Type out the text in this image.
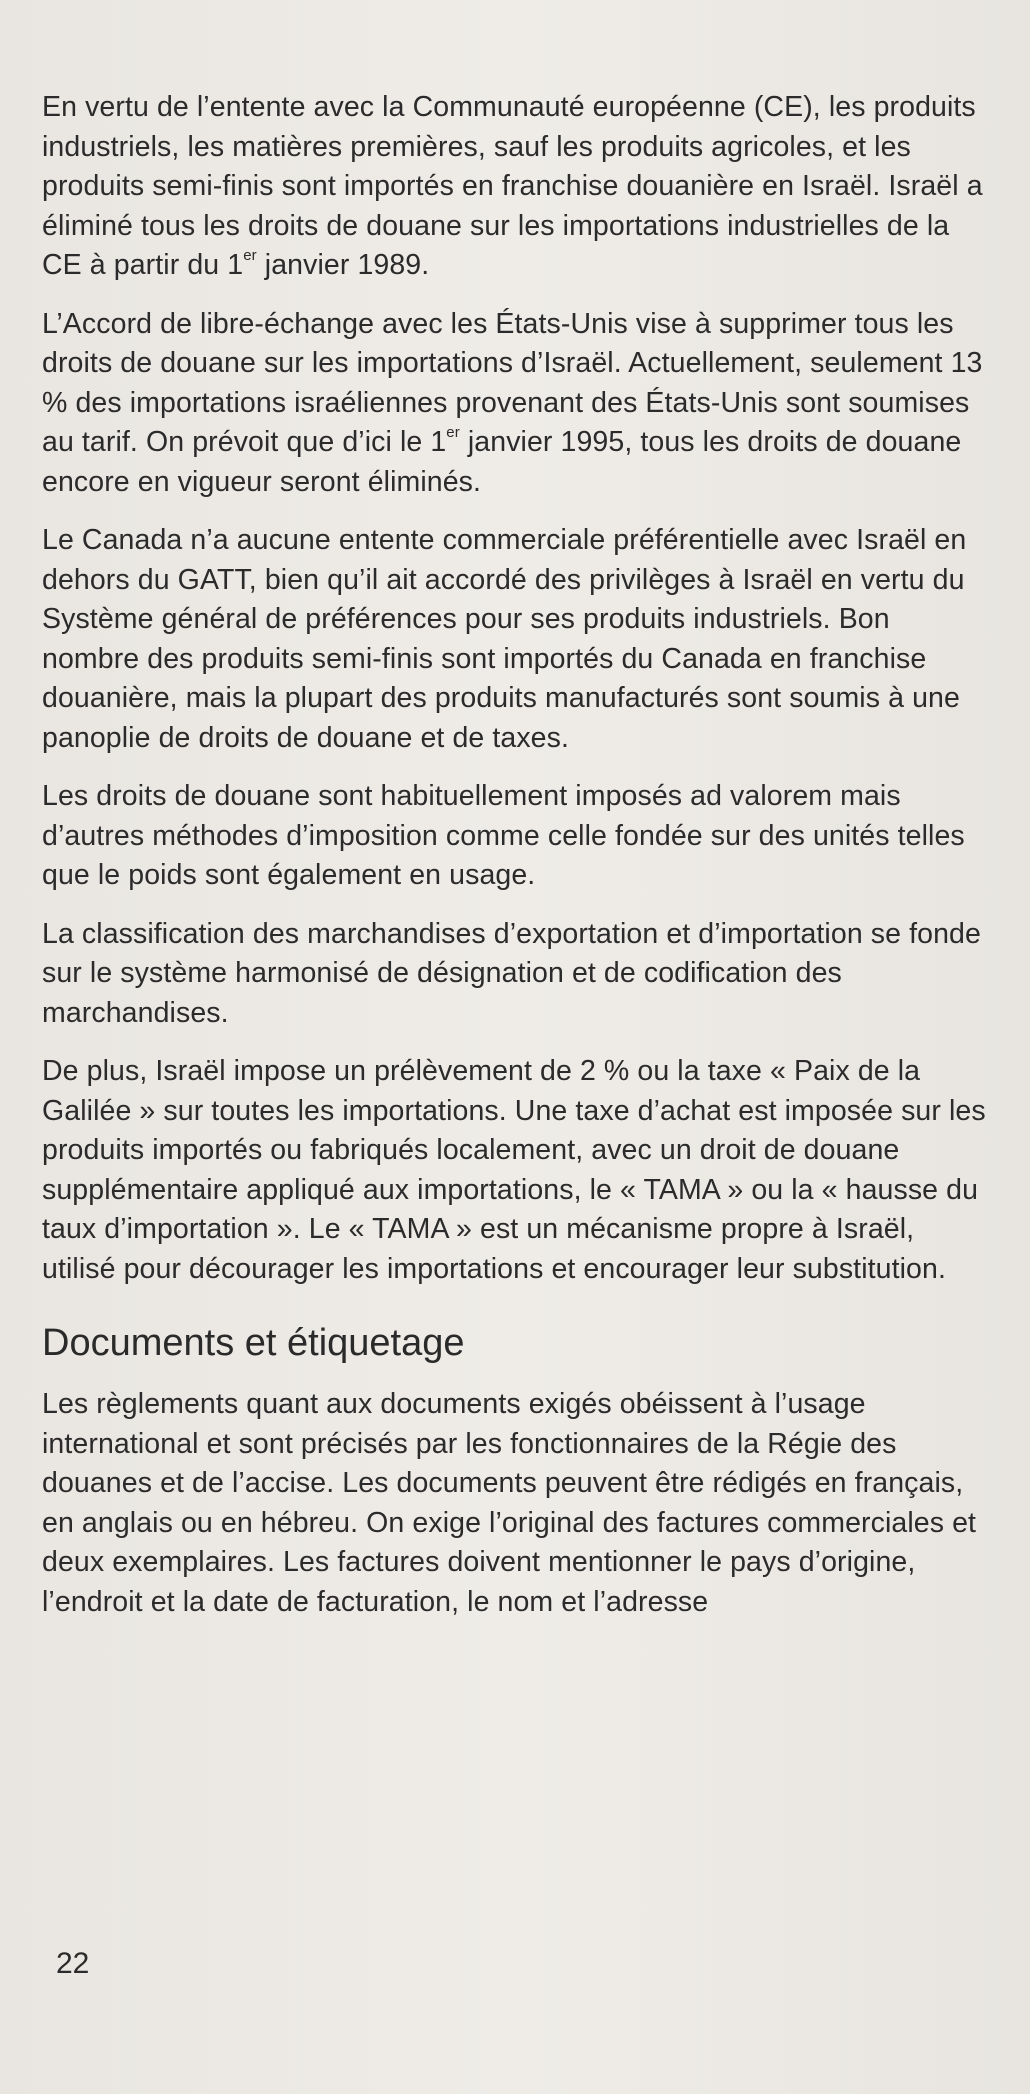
En vertu de l’entente avec la Communauté européenne (CE), les produits industriels, les matières premières, sauf les produits agricoles, et les produits semi-finis sont importés en franchise douanière en Israël. Israël a éliminé tous les droits de douane sur les importations industrielles de la CE à partir du 1er janvier 1989.

L’Accord de libre-échange avec les États-Unis vise à supprimer tous les droits de douane sur les importations d’Israël. Actuellement, seulement 13 % des importations israéliennes provenant des États-Unis sont soumises au tarif. On prévoit que d’ici le 1er janvier 1995, tous les droits de douane encore en vigueur seront éliminés.

Le Canada n’a aucune entente commerciale préférentielle avec Israël en dehors du GATT, bien qu’il ait accordé des privilèges à Israël en vertu du Système général de préférences pour ses produits industriels. Bon nombre des produits semi-finis sont importés du Canada en franchise douanière, mais la plupart des produits manufacturés sont soumis à une panoplie de droits de douane et de taxes.

Les droits de douane sont habituellement imposés ad valorem mais d’autres méthodes d’imposition comme celle fondée sur des unités telles que le poids sont également en usage.

La classification des marchandises d’exportation et d’importation se fonde sur le système harmonisé de désignation et de codification des marchandises.

De plus, Israël impose un prélèvement de 2 % ou la taxe « Paix de la Galilée » sur toutes les importations. Une taxe d’achat est imposée sur les produits importés ou fabriqués localement, avec un droit de douane supplémentaire appliqué aux importations, le « TAMA » ou la « hausse du taux d’importation ». Le « TAMA » est un mécanisme propre à Israël, utilisé pour décourager les importations et encourager leur substitution.

Documents et étiquetage

Les règlements quant aux documents exigés obéissent à l’usage international et sont précisés par les fonctionnaires de la Régie des douanes et de l’accise. Les documents peuvent être rédigés en français, en anglais ou en hébreu. On exige l’original des factures commerciales et deux exemplaires. Les factures doivent mentionner le pays d’origine, l’endroit et la date de facturation, le nom et l’adresse

22
